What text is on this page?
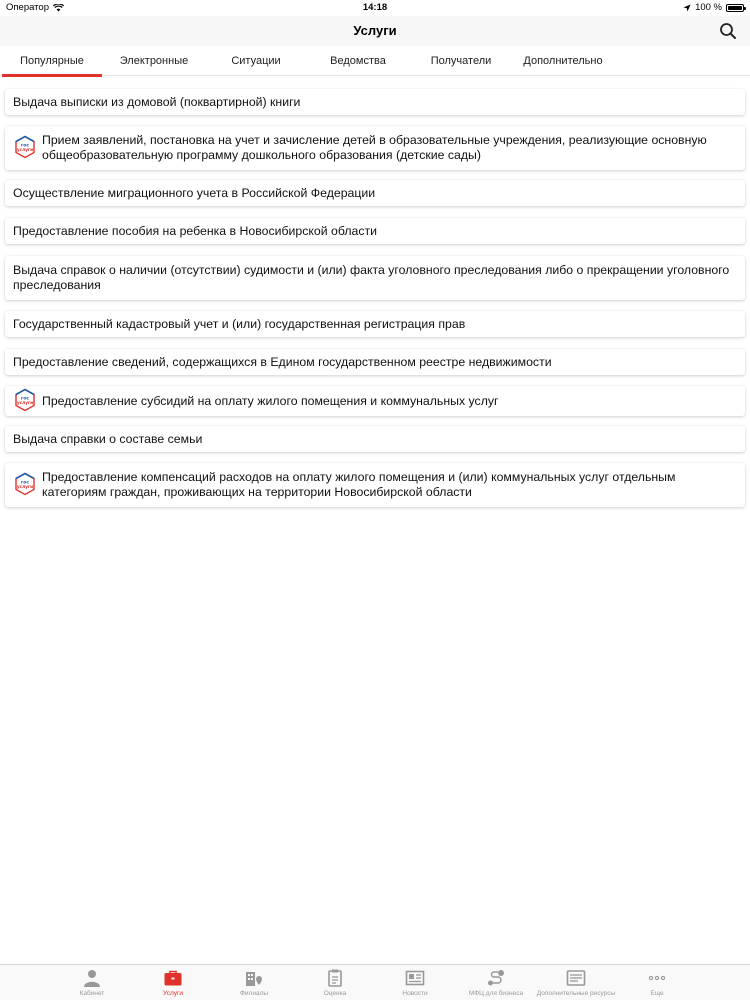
Оператор	14:18	100 %
Услуги
Популярные	Электронные	Ситуации	Ведомства	Получатели	Дополнительно
Выдача выписки из домовой (поквартирной) книги
гос
услуги
Прием заявлений, постановка на учет и зачисление детей в образовательные учреждения, реализующие основную общеобразовательную программу дошкольного образования (детские сады)
Осуществление миграционного учета в Российской Федерации
Предоставление пособия на ребенка в Новосибирской области
Выдача справок о наличии (отсутствии) судимости и (или) факта уголовного преследования либо о прекращении уголовного преследования
Государственный кадастровый учет и (или) государственная регистрация прав
Предоставление сведений, содержащихся в Едином государственном реестре недвижимости
гос
услуги Предоставление субсидий на оплату жилого помещения и коммунальных услуг
Выдача справки о составе семьи
гос
услуги
Предоставление компенсаций расходов на оплату жилого помещения и (или) коммунальных услуг отдельным категориям граждан, проживающих на территории Новосибирской области
Кабинет	Услуги	Филиалы	Оценка	Новости	МФЦ для бизнеса	Дополнительные ресурсы	Еще
